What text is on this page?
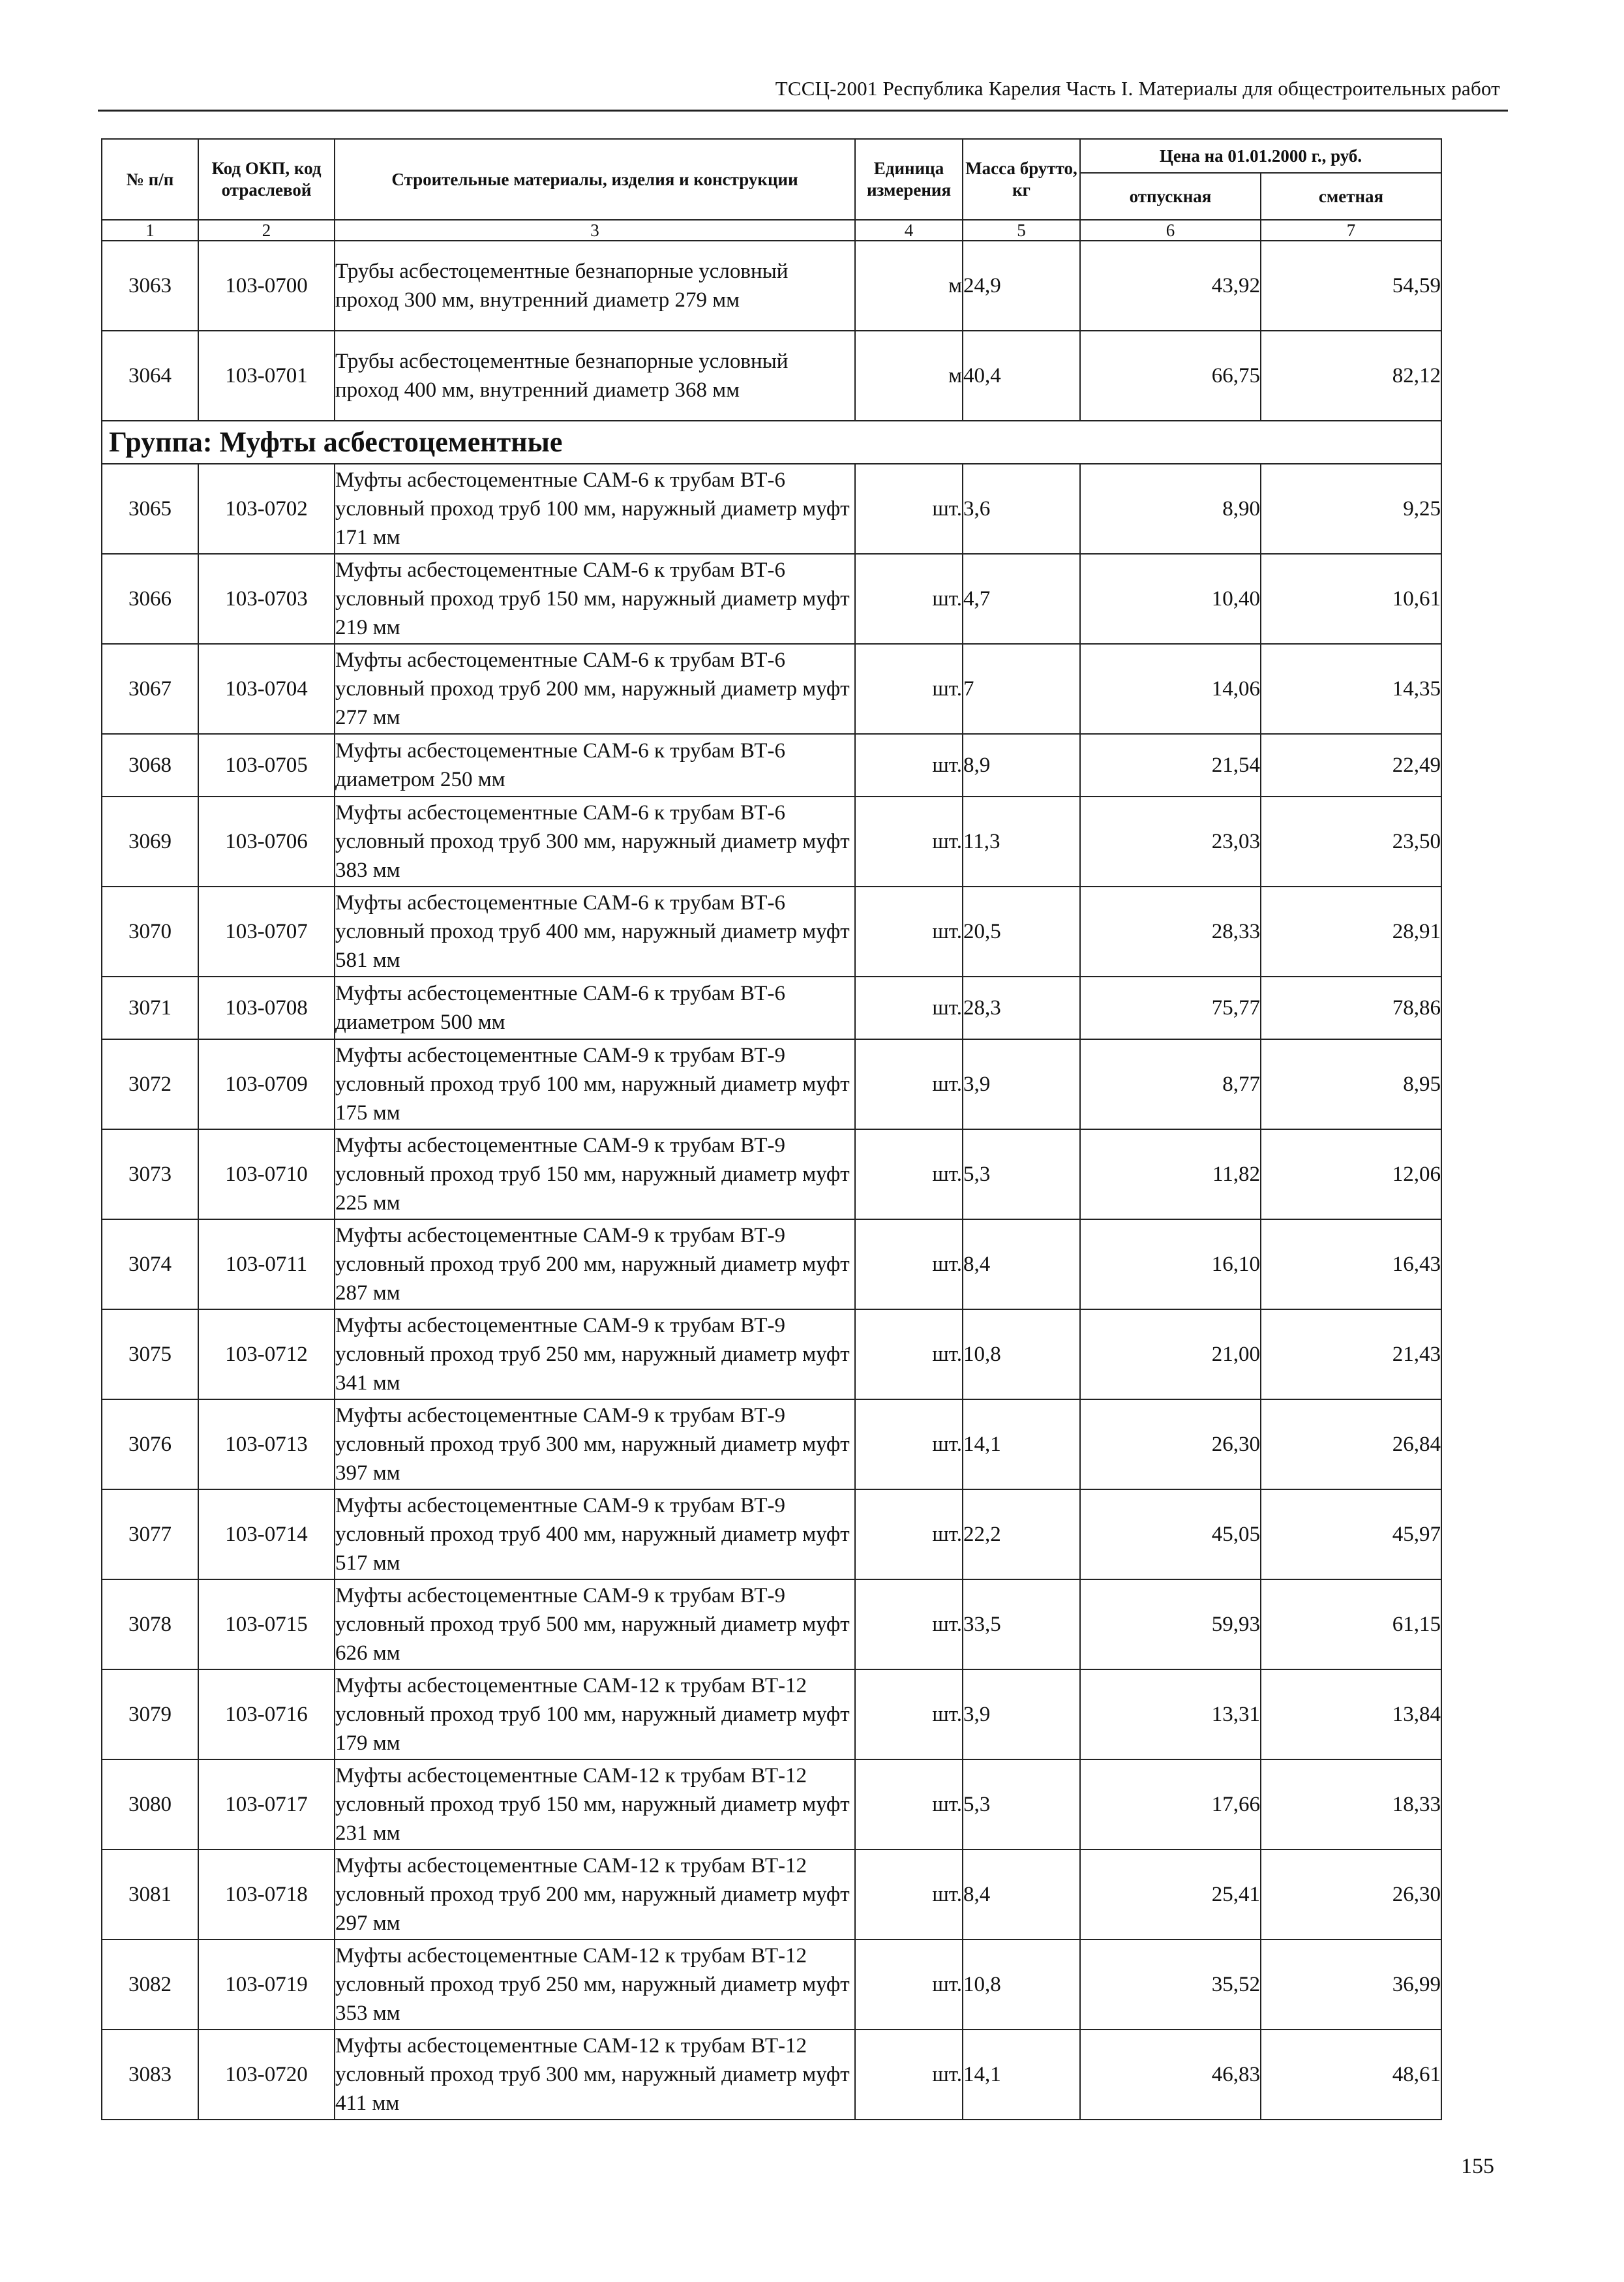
ТССЦ-2001 Республика Карелия Часть I. Материалы для общестроительных работ
№ п/п	Код ОКП, код отраслевой	Строительные материалы, изделия и конструкции	Единица измерения	Масса брутто, кг	Цена на 01.01.2000 г., руб.	
					отпускная	сметная
1	2	3	4	5	6	7
3063	103-0700	Трубы асбестоцементные безнапорные условный проход 300 мм, внутренний диаметр 279 мм	м	24,9	43,92	54,59
3064	103-0701	Трубы асбестоцементные безнапорные условный проход 400 мм, внутренний диаметр 368 мм	м	40,4	66,75	82,12
Группа: Муфты асбестоцементные						
3065	103-0702	Муфты асбестоцементные САМ-6 к трубам ВТ-6 условный проход труб 100 мм, наружный диаметр муфт 171 мм	шт.	3,6	8,90	9,25
3066	103-0703	Муфты асбестоцементные САМ-6 к трубам ВТ-6 условный проход труб 150 мм, наружный диаметр муфт 219 мм	шт.	4,7	10,40	10,61
3067	103-0704	Муфты асбестоцементные САМ-6 к трубам ВТ-6 условный проход труб 200 мм, наружный диаметр муфт 277 мм	шт.	7	14,06	14,35
3068	103-0705	Муфты асбестоцементные САМ-6 к трубам ВТ-6 диаметром 250 мм	шт.	8,9	21,54	22,49
3069	103-0706	Муфты асбестоцементные САМ-6 к трубам ВТ-6 условный проход труб 300 мм, наружный диаметр муфт 383 мм	шт.	11,3	23,03	23,50
3070	103-0707	Муфты асбестоцементные САМ-6 к трубам ВТ-6 условный проход труб 400 мм, наружный диаметр муфт 581 мм	шт.	20,5	28,33	28,91
3071	103-0708	Муфты асбестоцементные САМ-6 к трубам ВТ-6 диаметром 500 мм	шт.	28,3	75,77	78,86
3072	103-0709	Муфты асбестоцементные САМ-9 к трубам ВТ-9 условный проход труб 100 мм, наружный диаметр муфт 175 мм	шт.	3,9	8,77	8,95
3073	103-0710	Муфты асбестоцементные САМ-9 к трубам ВТ-9 условный проход труб 150 мм, наружный диаметр муфт 225 мм	шт.	5,3	11,82	12,06
3074	103-0711	Муфты асбестоцементные САМ-9 к трубам ВТ-9 условный проход труб 200 мм, наружный диаметр муфт 287 мм	шт.	8,4	16,10	16,43
3075	103-0712	Муфты асбестоцементные САМ-9 к трубам ВТ-9 условный проход труб 250 мм, наружный диаметр муфт 341 мм	шт.	10,8	21,00	21,43
3076	103-0713	Муфты асбестоцементные САМ-9 к трубам ВТ-9 условный проход труб 300 мм, наружный диаметр муфт 397 мм	шт.	14,1	26,30	26,84
3077	103-0714	Муфты асбестоцементные САМ-9 к трубам ВТ-9 условный проход труб 400 мм, наружный диаметр муфт 517 мм	шт.	22,2	45,05	45,97
3078	103-0715	Муфты асбестоцементные САМ-9 к трубам ВТ-9 условный проход труб 500 мм, наружный диаметр муфт 626 мм	шт.	33,5	59,93	61,15
3079	103-0716	Муфты асбестоцементные САМ-12 к трубам ВТ-12 условный проход труб 100 мм, наружный диаметр муфт 179 мм	шт.	3,9	13,31	13,84
3080	103-0717	Муфты асбестоцементные САМ-12 к трубам ВТ-12 условный проход труб 150 мм, наружный диаметр муфт 231 мм	шт.	5,3	17,66	18,33
3081	103-0718	Муфты асбестоцементные САМ-12 к трубам ВТ-12 условный проход труб 200 мм, наружный диаметр муфт 297 мм	шт.	8,4	25,41	26,30
3082	103-0719	Муфты асбестоцементные САМ-12 к трубам ВТ-12 условный проход труб 250 мм, наружный диаметр муфт 353 мм	шт.	10,8	35,52	36,99
3083	103-0720	Муфты асбестоцементные САМ-12 к трубам ВТ-12 условный проход труб 300 мм, наружный диаметр муфт 411 мм	шт.	14,1	46,83	48,61
155
